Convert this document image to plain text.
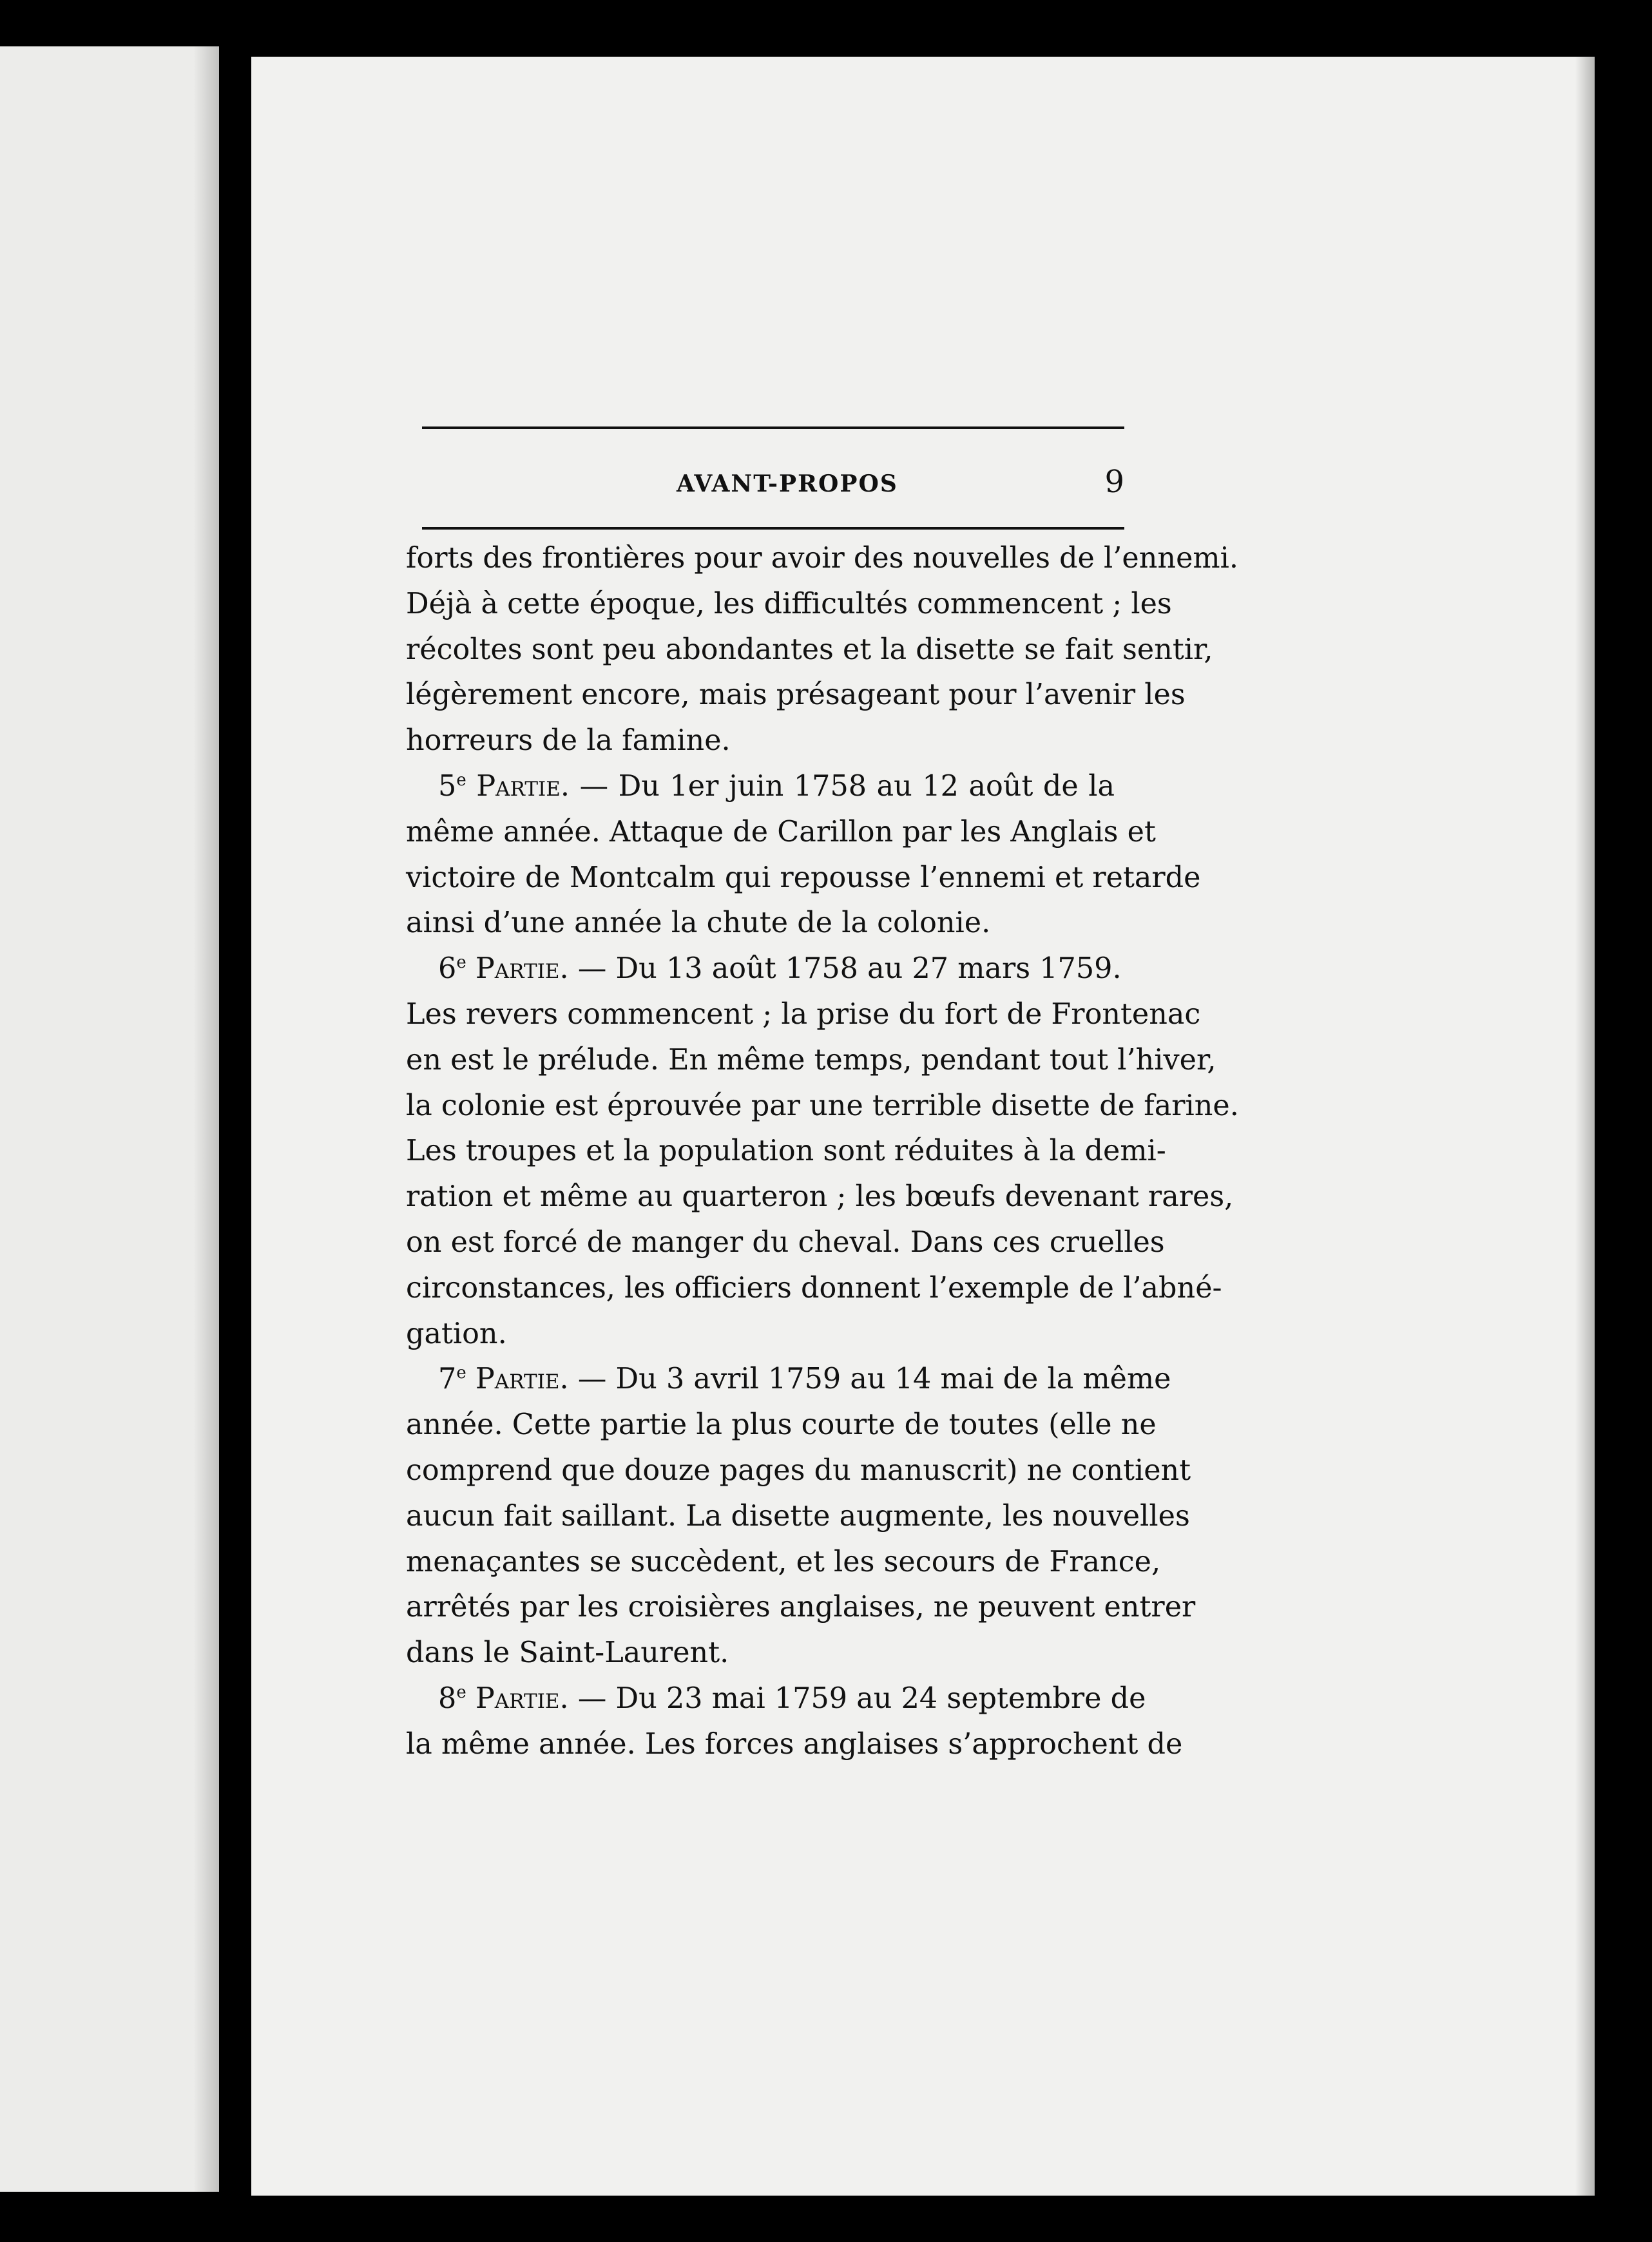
AVANT-PROPOS	9
forts des frontières pour avoir des nouvelles de l’ennemi.
Déjà à cette époque, les difficultés commencent ; les
récoltes sont peu abondantes et la disette se fait sentir,
légèrement encore, mais présageant pour l’avenir les
horreurs de la famine.
5e Partie. — Du 1er juin 1758 au 12 août de la
même année. Attaque de Carillon par les Anglais et
victoire de Montcalm qui repousse l’ennemi et retarde
ainsi d’une année la chute de la colonie.
6e Partie. — Du 13 août 1758 au 27 mars 1759.
Les revers commencent ; la prise du fort de Frontenac
en est le prélude. En même temps, pendant tout l’hiver,
la colonie est éprouvée par une terrible disette de farine.
Les troupes et la population sont réduites à la demi-
ration et même au quarteron ; les bœufs devenant rares,
on est forcé de manger du cheval. Dans ces cruelles
circonstances, les officiers donnent l’exemple de l’abné-
gation.
7e Partie. — Du 3 avril 1759 au 14 mai de la même
année. Cette partie la plus courte de toutes (elle ne
comprend que douze pages du manuscrit) ne contient
aucun fait saillant. La disette augmente, les nouvelles
menaçantes se succèdent, et les secours de France,
arrêtés par les croisières anglaises, ne peuvent entrer
dans le Saint-Laurent.
8e Partie. — Du 23 mai 1759 au 24 septembre de
la même année. Les forces anglaises s’approchent de
